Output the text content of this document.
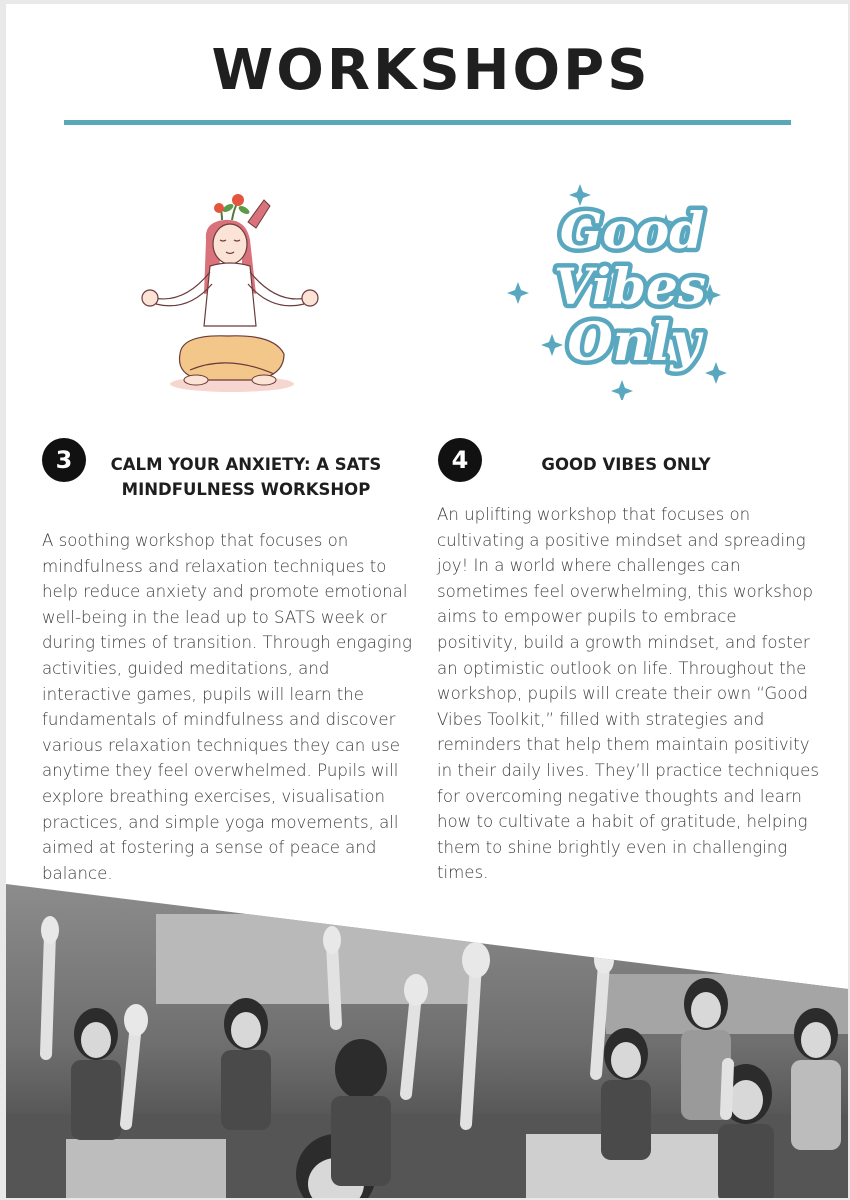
WORKSHOPS
Good
Vibes
Only
3	CALM YOUR ANXIETY: A SATS
MINDFULNESS WORKSHOP

A soothing workshop that focuses on mindfulness and relaxation techniques to help reduce anxiety and promote emotional well-being in the lead up to SATS week or during times of transition. Through engaging activities, guided meditations, and interactive games, pupils will learn the fundamentals of mindfulness and discover various relaxation techniques they can use anytime they feel overwhelmed. Pupils will explore breathing exercises, visualisation practices, and simple yoga movements, all aimed at fostering a sense of peace and balance.

4	GOOD VIBES ONLY

An uplifting workshop that focuses on cultivating a positive mindset and spreading joy! In a world where challenges can sometimes feel overwhelming, this workshop aims to empower pupils to embrace positivity, build a growth mindset, and foster an optimistic outlook on life. Throughout the workshop, pupils will create their own “Good Vibes Toolkit,” filled with strategies and reminders that help them maintain positivity in their daily lives. They’ll practice techniques for overcoming negative thoughts and learn how to cultivate a habit of gratitude, helping them to shine brightly even in challenging times.
